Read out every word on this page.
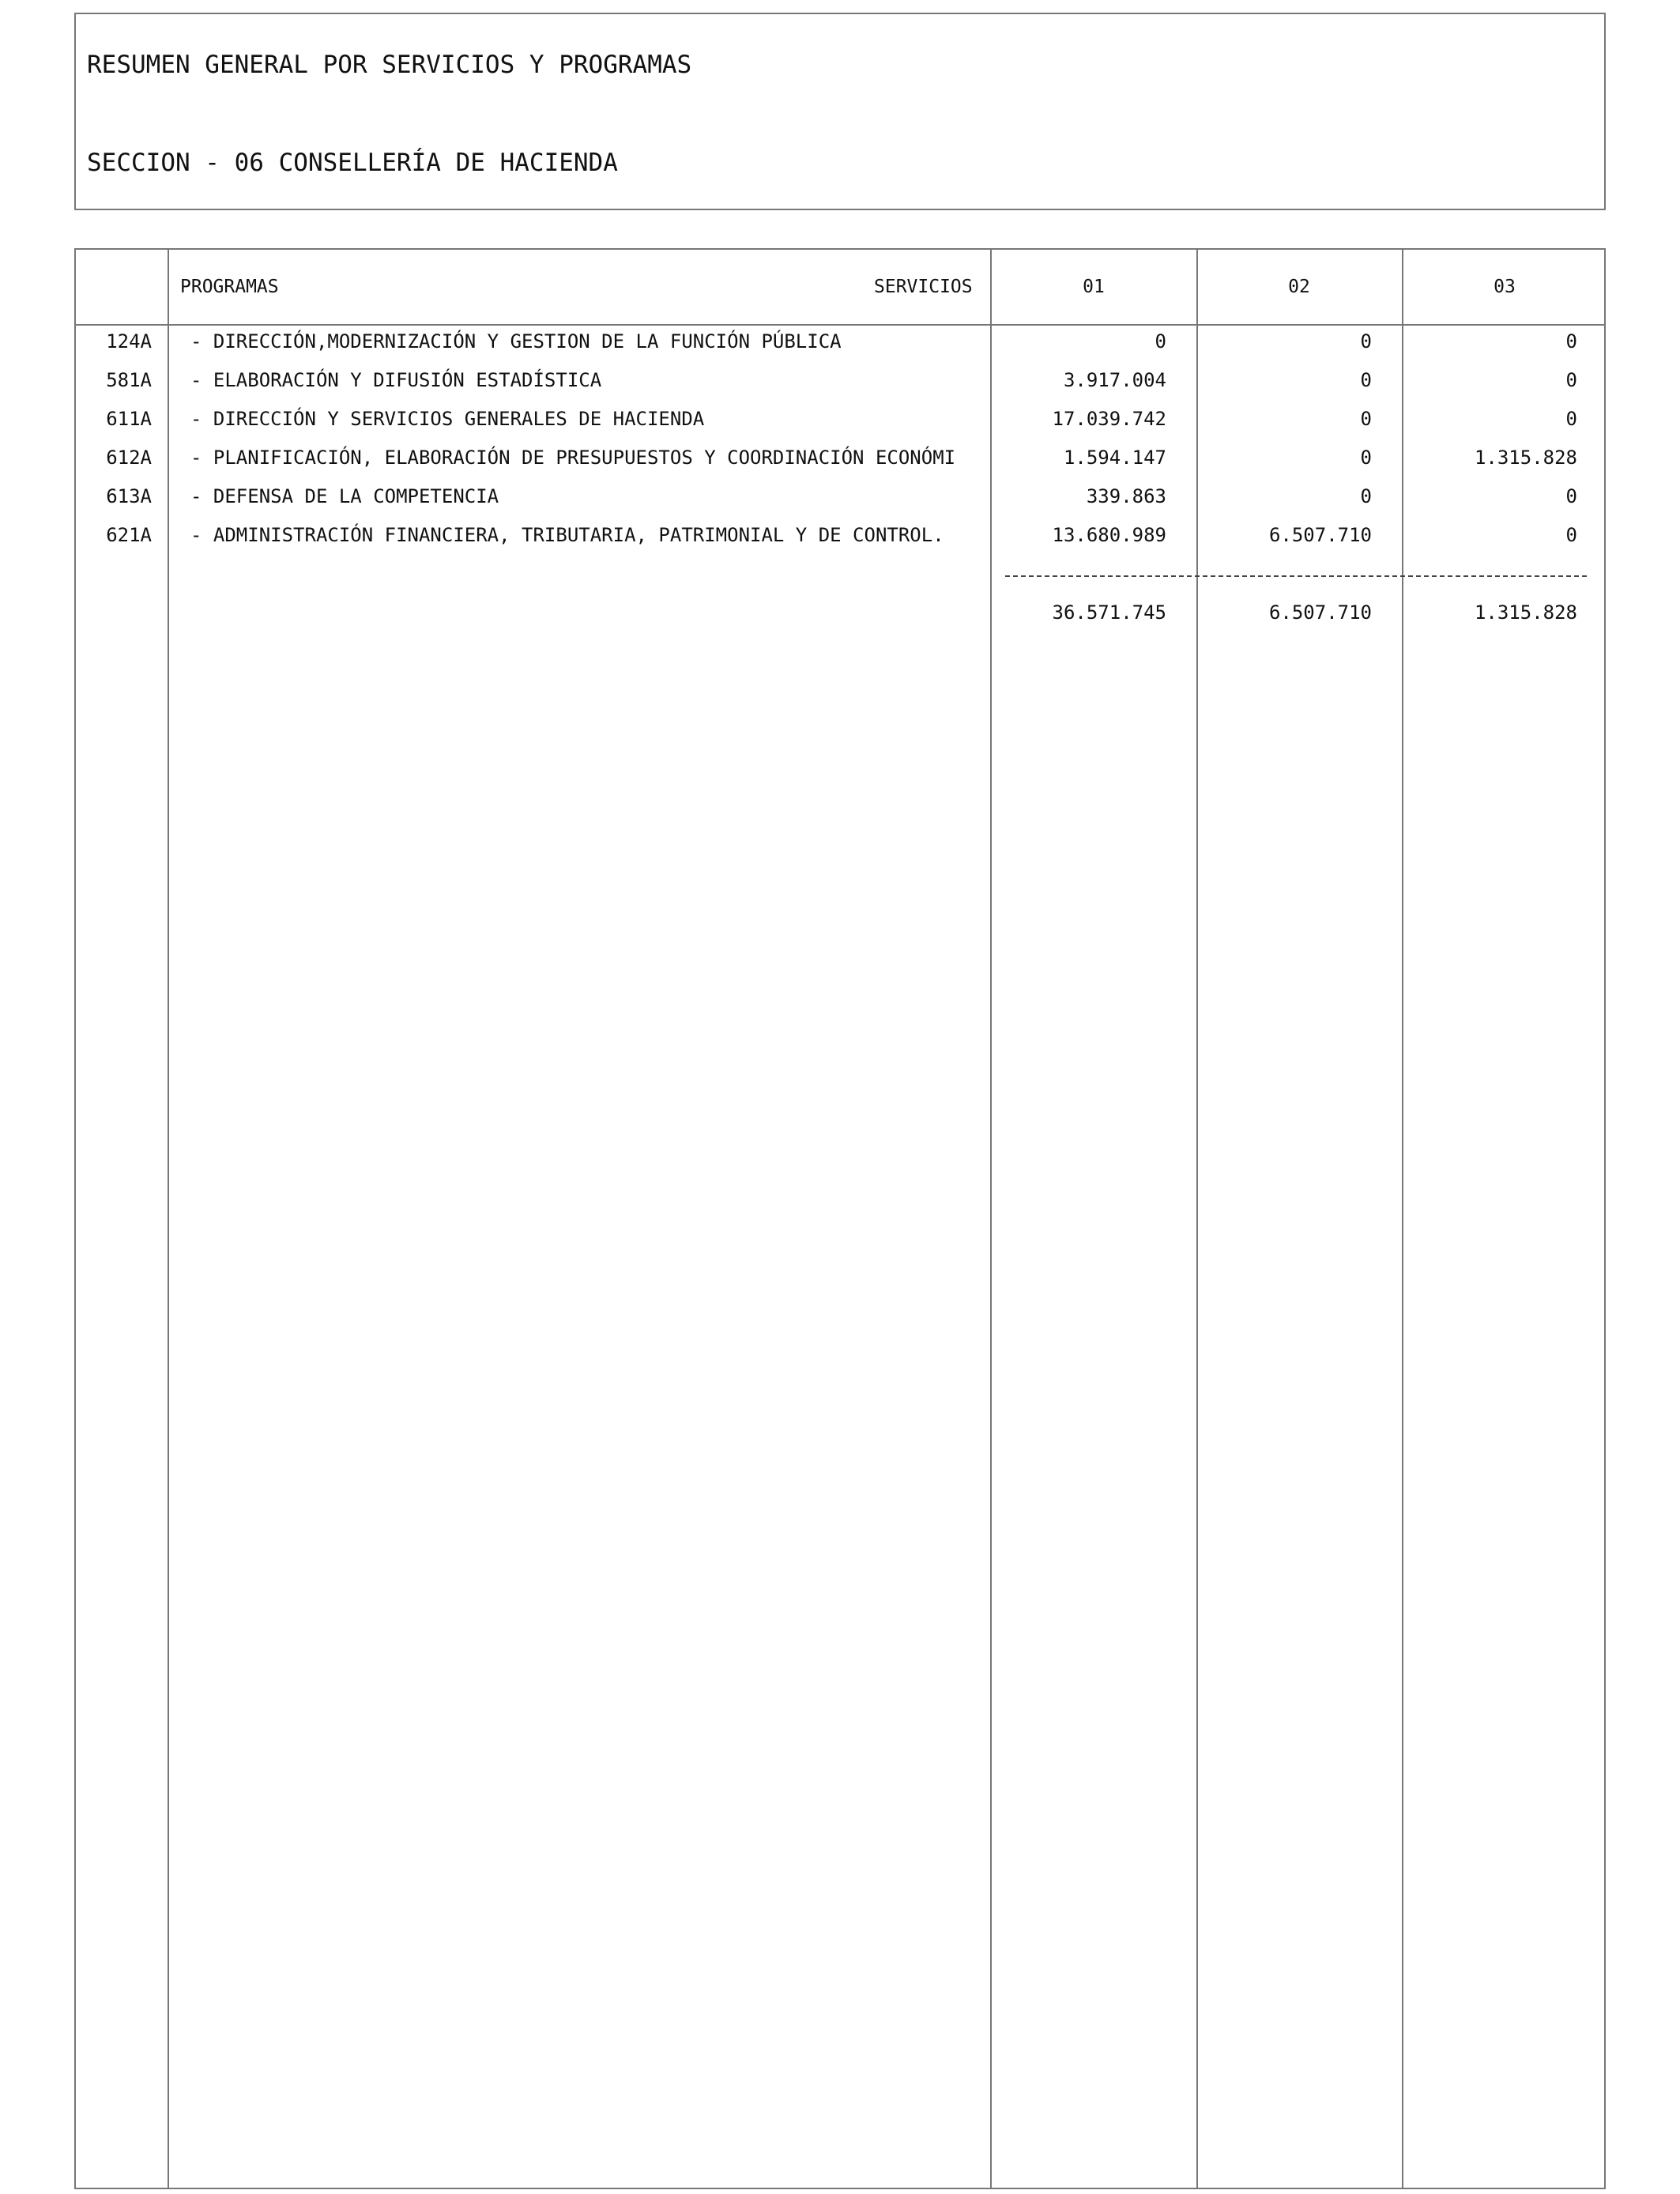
RESUMEN GENERAL POR SERVICIOS Y PROGRAMAS
SECCION - 06 CONSELLERÍA DE HACIENDA
PROGRAMAS	SERVICIOS	01	02	03
124A - DIRECCIÓN,MODERNIZACIÓN Y GESTION DE LA FUNCIÓN PÚBLICA	0	0	0
581A - ELABORACIÓN Y DIFUSIÓN ESTADÍSTICA	3.917.004	0	0
611A - DIRECCIÓN Y SERVICIOS GENERALES DE HACIENDA	17.039.742	0	0
612A - PLANIFICACIÓN, ELABORACIÓN DE PRESUPUESTOS Y COORDINACIÓN ECONÓMI	1.594.147	0	1.315.828
613A - DEFENSA DE LA COMPETENCIA	339.863	0	0
621A - ADMINISTRACIÓN FINANCIERA, TRIBUTARIA, PATRIMONIAL Y DE CONTROL.	13.680.989	6.507.710	0
36.571.745	6.507.710	1.315.828
